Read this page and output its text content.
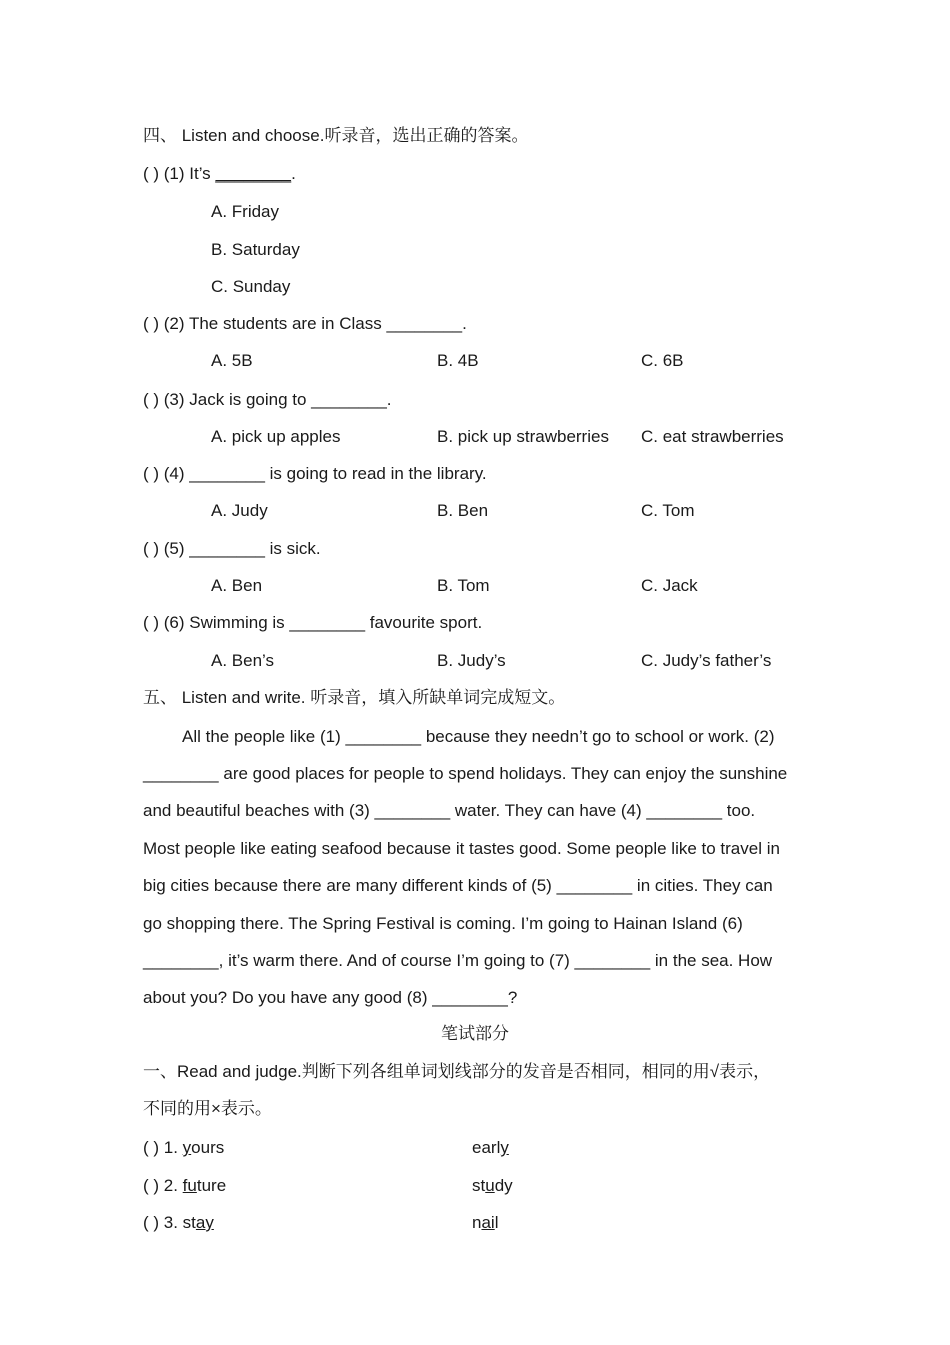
四、 Listen and choose.听录音，选出正确的答案。
( ) (1) It’s ________.
A. Friday
B. Saturday
C. Sunday
( ) (2) The students are in Class ________.
A. 5B	B. 4B	C. 6B
( ) (3) Jack is going to ________.
A. pick up apples	B. pick up strawberries C. eat strawberries
( ) (4) ________ is going to read in the library.
A. Judy	B. Ben	C. Tom
( ) (5) ________ is sick.
A. Ben	B. Tom	C. Jack
( ) (6) Swimming is ________ favourite sport.
A. Ben’s	B. Judy’s	C. Judy’s father’s
五、 Listen and write. 听录音，填入所缺单词完成短文。
All the people like (1) ________ because they needn’t go to school or work. (2)
________ are good places for people to spend holidays. They can enjoy the sunshine
and beautiful beaches with (3) ________ water. They can have (4) ________ too.
Most people like eating seafood because it tastes good. Some people like to travel in
big cities because there are many different kinds of (5) ________ in cities. They can
go shopping there. The Spring Festival is coming. I’m going to Hainan Island (6)
________, it’s warm there. And of course I’m going to (7) ________ in the sea. How
about you? Do you have any good (8) ________?
笔试部分
一、Read and judge.判断下列各组单词划线部分的发音是否相同，相同的用√表示，
不同的用×表示。
( ) 1. yours	early
( ) 2. future	study
( ) 3. stay	nail
